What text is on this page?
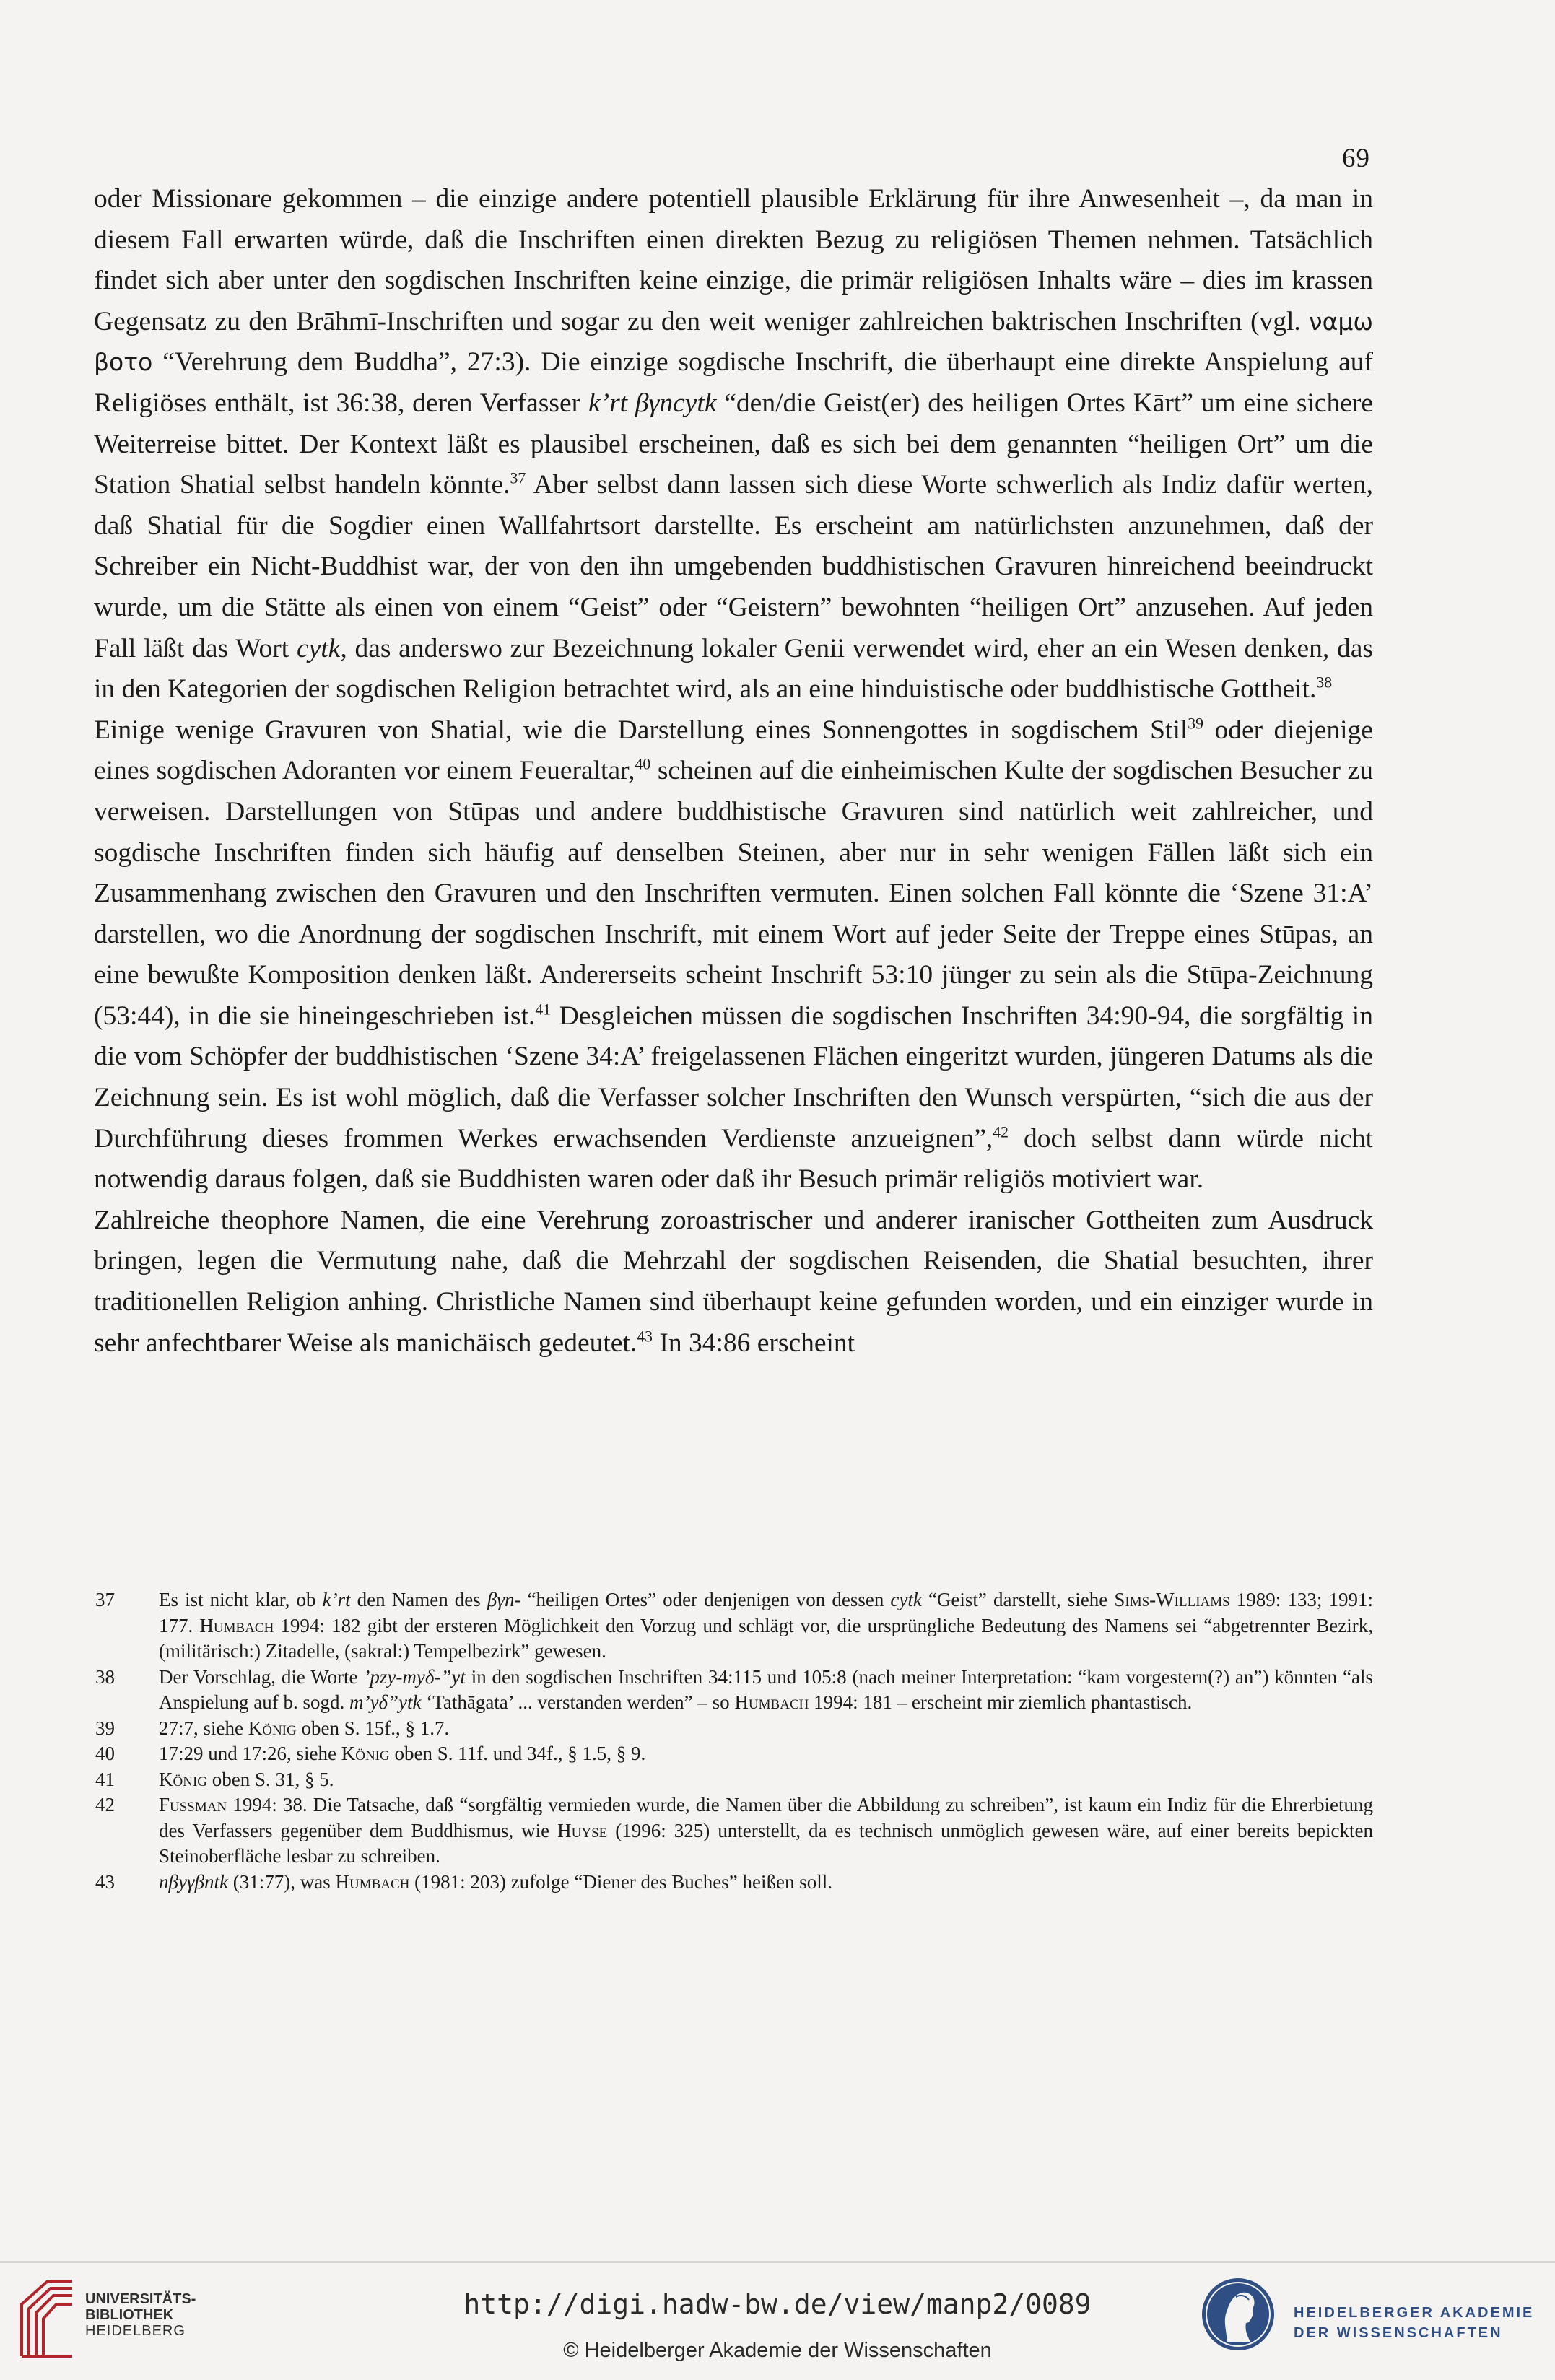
69

oder Missionare gekommen – die einzige andere potentiell plausible Erklärung für ihre Anwesenheit –, da man in diesem Fall erwarten würde, daß die Inschriften einen direkten Bezug zu religiösen Themen nehmen. Tatsächlich findet sich aber unter den sogdischen Inschriften keine einzige, die primär religiösen Inhalts wäre – dies im krassen Gegensatz zu den Brāhmī-Inschriften und sogar zu den weit weniger zahlreichen baktrischen Inschriften (vgl. ναμω βοτο “Verehrung dem Buddha”, 27:3). Die einzige sogdische Inschrift, die überhaupt eine direkte Anspielung auf Religiöses enthält, ist 36:38, deren Verfasser k’rt βγncytk “den/die Geist(er) des heiligen Ortes Kārt” um eine sichere Weiterreise bittet. Der Kontext läßt es plausibel erscheinen, daß es sich bei dem genannten “heiligen Ort” um die Station Shatial selbst handeln könnte.$^{37}$ Aber selbst dann lassen sich diese Worte schwerlich als Indiz dafür werten, daß Shatial für die Sogdier einen Wallfahrtsort darstellte. Es erscheint am natürlichsten anzunehmen, daß der Schreiber ein Nicht-Buddhist war, der von den ihn umgebenden buddhistischen Gravuren hinreichend beeindruckt wurde, um die Stätte als einen von einem “Geist” oder “Geistern” bewohnten “heiligen Ort” anzusehen. Auf jeden Fall läßt das Wort cytk, das anderswo zur Bezeichnung lokaler Genii verwendet wird, eher an ein Wesen denken, das in den Kategorien der sogdischen Religion betrachtet wird, als an eine hinduistische oder buddhistische Gottheit.$^{38}$

Einige wenige Gravuren von Shatial, wie die Darstellung eines Sonnengottes in sogdischem Stil$^{39}$ oder diejenige eines sogdischen Adoranten vor einem Feueraltar,$^{40}$ scheinen auf die einheimischen Kulte der sogdischen Besucher zu verweisen. Darstellungen von Stūpas und andere buddhistische Gravuren sind natürlich weit zahlreicher, und sogdische Inschriften finden sich häufig auf denselben Steinen, aber nur in sehr wenigen Fällen läßt sich ein Zusammenhang zwischen den Gravuren und den Inschriften vermuten. Einen solchen Fall könnte die ‘Szene 31:A’ darstellen, wo die Anordnung der sogdischen Inschrift, mit einem Wort auf jeder Seite der Treppe eines Stūpas, an eine bewußte Komposition denken läßt. Andererseits scheint Inschrift 53:10 jünger zu sein als die Stūpa-Zeichnung (53:44), in die sie hineingeschrieben ist.$^{41}$ Desgleichen müssen die sogdischen Inschriften 34:90-94, die sorgfältig in die vom Schöpfer der buddhistischen ‘Szene 34:A’ freigelassenen Flächen eingeritzt wurden, jüngeren Datums als die Zeichnung sein. Es ist wohl möglich, daß die Verfasser solcher Inschriften den Wunsch verspürten, “sich die aus der Durchführung dieses frommen Werkes erwachsenden Verdienste anzueignen”,$^{42}$ doch selbst dann würde nicht notwendig daraus folgen, daß sie Buddhisten waren oder daß ihr Besuch primär religiös motiviert war.

Zahlreiche theophore Namen, die eine Verehrung zoroastrischer und anderer iranischer Gottheiten zum Ausdruck bringen, legen die Vermutung nahe, daß die Mehrzahl der sogdischen Reisenden, die Shatial besuchten, ihrer traditionellen Religion anhing. Christliche Namen sind überhaupt keine gefunden worden, und ein einziger wurde in sehr anfechtbarer Weise als manichäisch gedeutet.$^{43}$ In 34:86 erscheint

37	Es ist nicht klar, ob k’rt den Namen des βγn- “heiligen Ortes” oder denjenigen von dessen cytk “Geist” darstellt, siehe Sims-Williams 1989: 133; 1991: 177. Humbach 1994: 182 gibt der ersteren Möglichkeit den Vorzug und schlägt vor, die ursprüngliche Bedeutung des Namens sei “abgetrennter Bezirk, (militärisch:) Zitadelle, (sakral:) Tempelbezirk” gewesen.
38	Der Vorschlag, die Worte ’pzy-myδ-”yt in den sogdischen Inschriften 34:115 und 105:8 (nach meiner Interpretation: “kam vorgestern(?) an”) könnten “als Anspielung auf b. sogd. m’yδ”ytk ‘Tathāgata’ ... verstanden werden” – so Humbach 1994: 181 – erscheint mir ziemlich phantastisch.
39	27:7, siehe König oben S. 15f., § 1.7.
40	17:29 und 17:26, siehe König oben S. 11f. und 34f., § 1.5, § 9.
41	König oben S. 31, § 5.
42	Fussman 1994: 38. Die Tatsache, daß “sorgfältig vermieden wurde, die Namen über die Abbildung zu schreiben”, ist kaum ein Indiz für die Ehrerbietung des Verfassers gegenüber dem Buddhismus, wie Huyse (1996: 325) unterstellt, da es technisch unmöglich gewesen wäre, auf einer bereits bepickten Steinoberfläche lesbar zu schreiben.
43	nβyγβntk (31:77), was Humbach (1981: 203) zufolge “Diener des Buches” heißen soll.
UNIVERSITÄTS-
BIBLIOTHEK
HEIDELBERG
http://digi.hadw-bw.de/view/manp2/0089
© Heidelberger Akademie der Wissenschaften
HEIDELBERGER AKADEMIE
DER WISSENSCHAFTEN
